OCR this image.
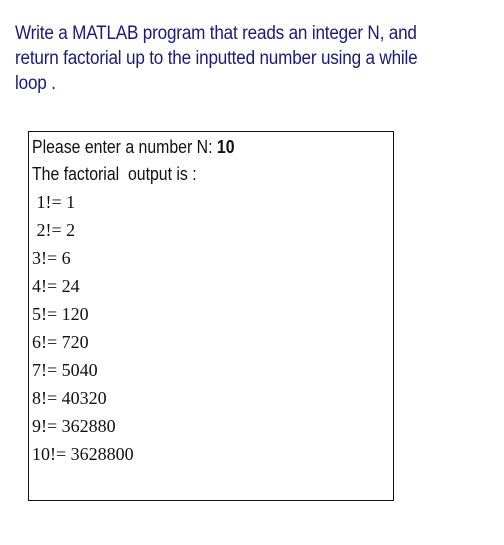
Write a MATLAB program that reads an integer N, and
return factorial up to the inputted number using a while
loop .
Please enter a number N: 10
The factorial  output is :
1!= 1
2!= 2
3!= 6
4!= 24
5!= 120
6!= 720
7!= 5040
8!= 40320
9!= 362880
10!= 3628800
